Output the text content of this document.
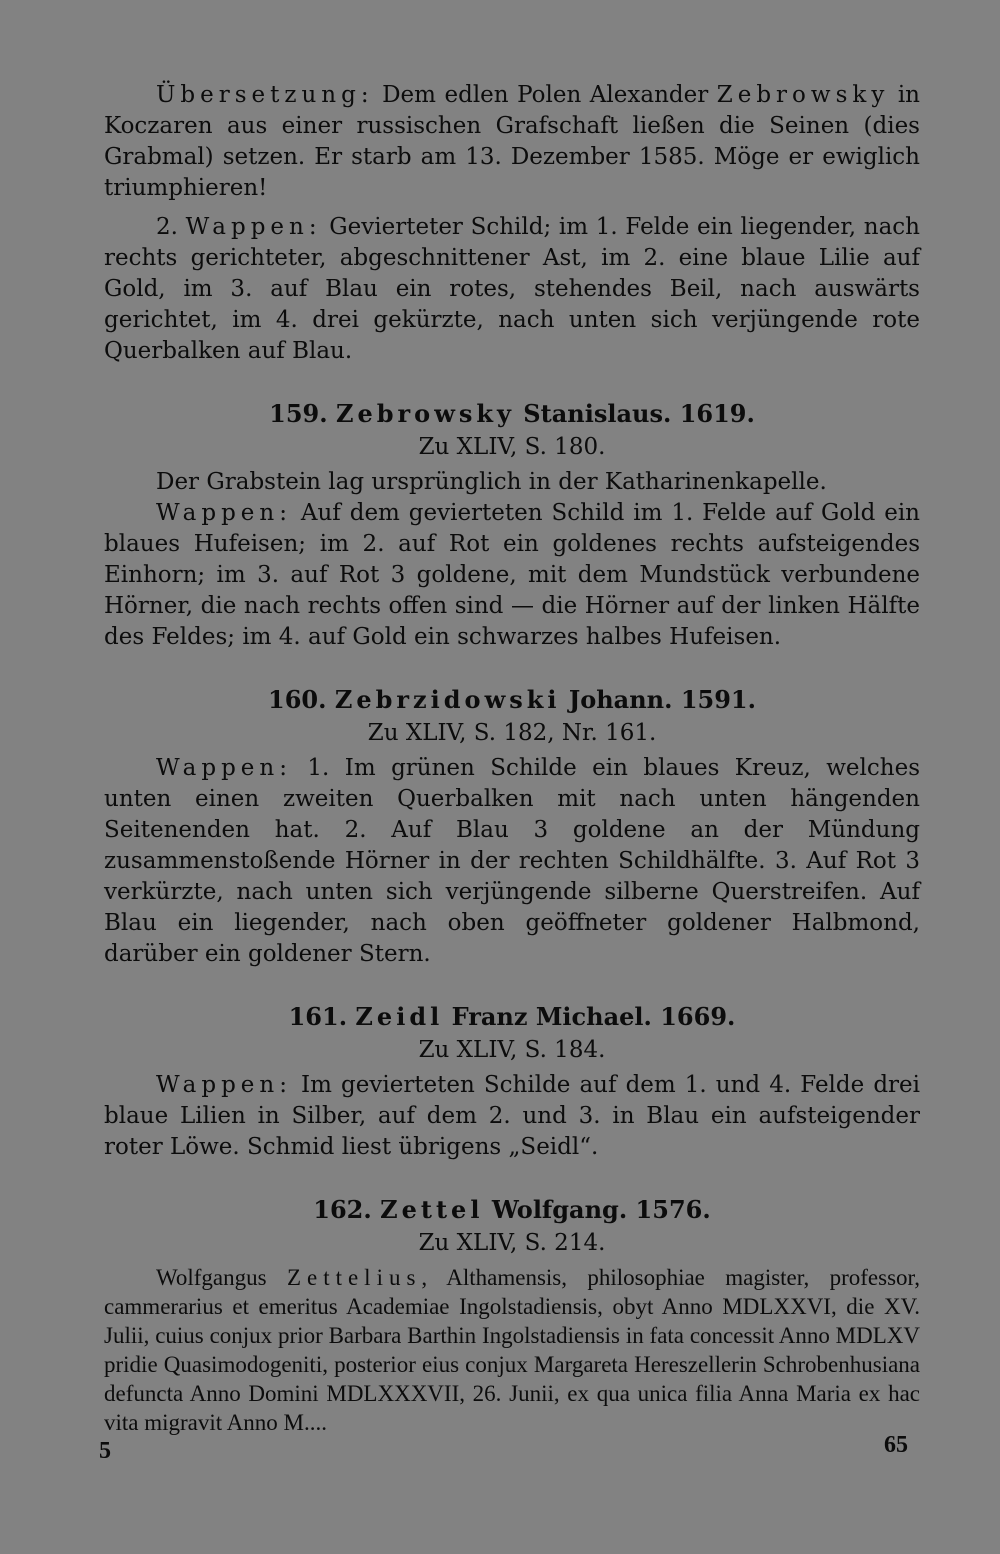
Übersetzung: Dem edlen Polen Alexander Zebrowsky in Koczaren aus einer russischen Grafschaft ließen die Seinen (dies Grabmal) setzen. Er starb am 13. Dezember 1585. Möge er ewiglich triumphieren!

2. Wappen: Gevierteter Schild; im 1. Felde ein liegender, nach rechts gerichteter, abgeschnittener Ast, im 2. eine blaue Lilie auf Gold, im 3. auf Blau ein rotes, stehendes Beil, nach auswärts gerichtet, im 4. drei gekürzte, nach unten sich verjüngende rote Querbalken auf Blau.

159. Zebrowsky Stanislaus. 1619.

Zu XLIV, S. 180.

Der Grabstein lag ursprünglich in der Katharinenkapelle.

Wappen: Auf dem gevierteten Schild im 1. Felde auf Gold ein blaues Hufeisen; im 2. auf Rot ein goldenes rechts aufsteigendes Einhorn; im 3. auf Rot 3 goldene, mit dem Mundstück verbundene Hörner, die nach rechts offen sind — die Hörner auf der linken Hälfte des Feldes; im 4. auf Gold ein schwarzes halbes Hufeisen.

160. Zebrzidowski Johann. 1591.

Zu XLIV, S. 182, Nr. 161.

Wappen: 1. Im grünen Schilde ein blaues Kreuz, welches unten einen zweiten Querbalken mit nach unten hängenden Seitenenden hat. 2. Auf Blau 3 goldene an der Mündung zusammenstoßende Hörner in der rechten Schildhälfte. 3. Auf Rot 3 verkürzte, nach unten sich verjüngende silberne Querstreifen. Auf Blau ein liegender, nach oben geöffneter goldener Halbmond, darüber ein goldener Stern.

161. Zeidl Franz Michael. 1669.

Zu XLIV, S. 184.

Wappen: Im gevierteten Schilde auf dem 1. und 4. Felde drei blaue Lilien in Silber, auf dem 2. und 3. in Blau ein aufsteigender roter Löwe. Schmid liest übrigens „Seidl“.

162. Zettel Wolfgang. 1576.

Zu XLIV, S. 214.

Wolfgangus Zettelius, Althamensis, philosophiae magister, professor, cammerarius et emeritus Academiae Ingolstadiensis, obyt Anno MDLXXVI, die XV. Julii, cuius conjux prior Barbara Barthin Ingolstadiensis in fata concessit Anno MDLXV pridie Quasimodogeniti, posterior eius conjux Margareta Hereszellerin Schrobenhusiana defuncta Anno Domini MDLXXXVII, 26. Junii, ex qua unica filia Anna Maria ex hac vita migravit Anno M....

5	65
